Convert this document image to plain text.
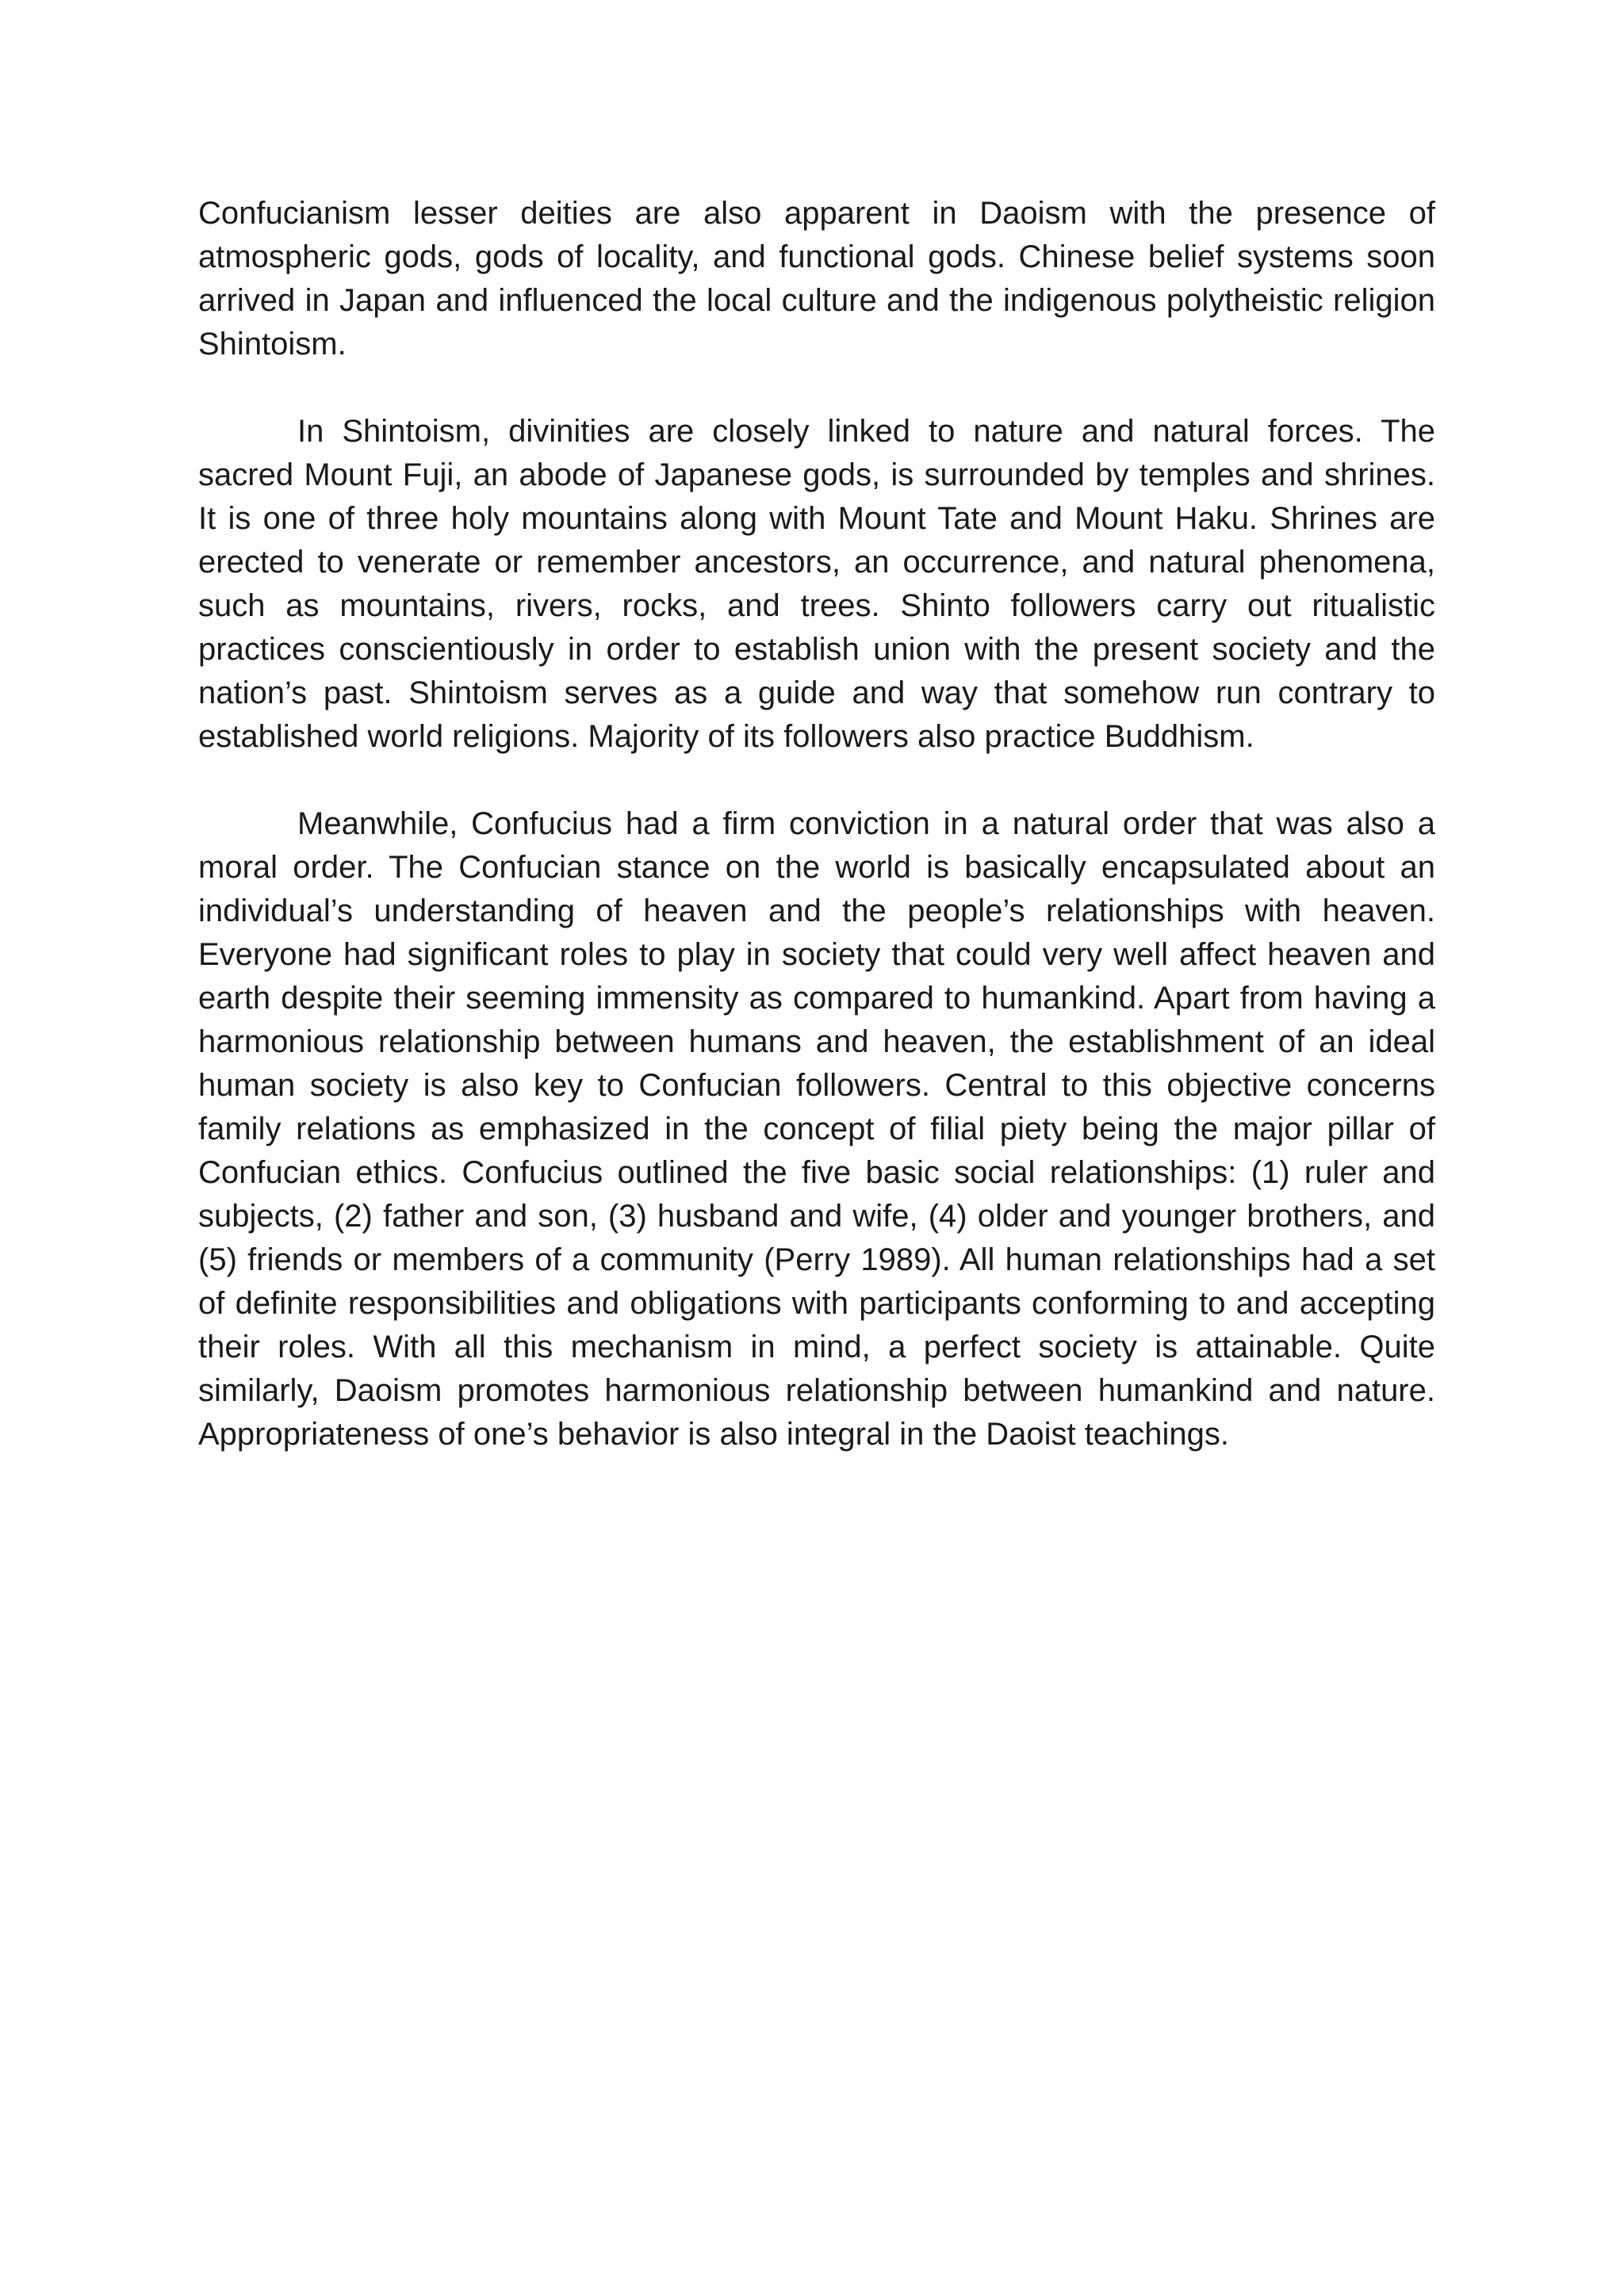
Confucianism lesser deities are also apparent in Daoism with the presence of atmospheric gods, gods of locality, and functional gods. Chinese belief systems soon arrived in Japan and influenced the local culture and the indigenous polytheistic religion Shintoism.

In Shintoism, divinities are closely linked to nature and natural forces. The sacred Mount Fuji, an abode of Japanese gods, is surrounded by temples and shrines. It is one of three holy mountains along with Mount Tate and Mount Haku. Shrines are erected to venerate or remember ancestors, an occurrence, and natural phenomena, such as mountains, rivers, rocks, and trees. Shinto followers carry out ritualistic practices conscientiously in order to establish union with the present society and the nation’s past. Shintoism serves as a guide and way that somehow run contrary to established world religions. Majority of its followers also practice Buddhism.

Meanwhile, Confucius had a firm conviction in a natural order that was also a moral order. The Confucian stance on the world is basically encapsulated about an individual’s understanding of heaven and the people’s relationships with heaven. Everyone had significant roles to play in society that could very well affect heaven and earth despite their seeming immensity as compared to humankind. Apart from having a harmonious relationship between humans and heaven, the establishment of an ideal human society is also key to Confucian followers. Central to this objective concerns family relations as emphasized in the concept of filial piety being the major pillar of Confucian ethics. Confucius outlined the five basic social relationships: (1) ruler and subjects, (2) father and son, (3) husband and wife, (4) older and younger brothers, and (5) friends or members of a community (Perry 1989). All human relationships had a set of definite responsibilities and obligations with participants conforming to and accepting their roles. With all this mechanism in mind, a perfect society is attainable. Quite similarly, Daoism promotes harmonious relationship between humankind and nature. Appropriateness of one’s behavior is also integral in the Daoist teachings.
